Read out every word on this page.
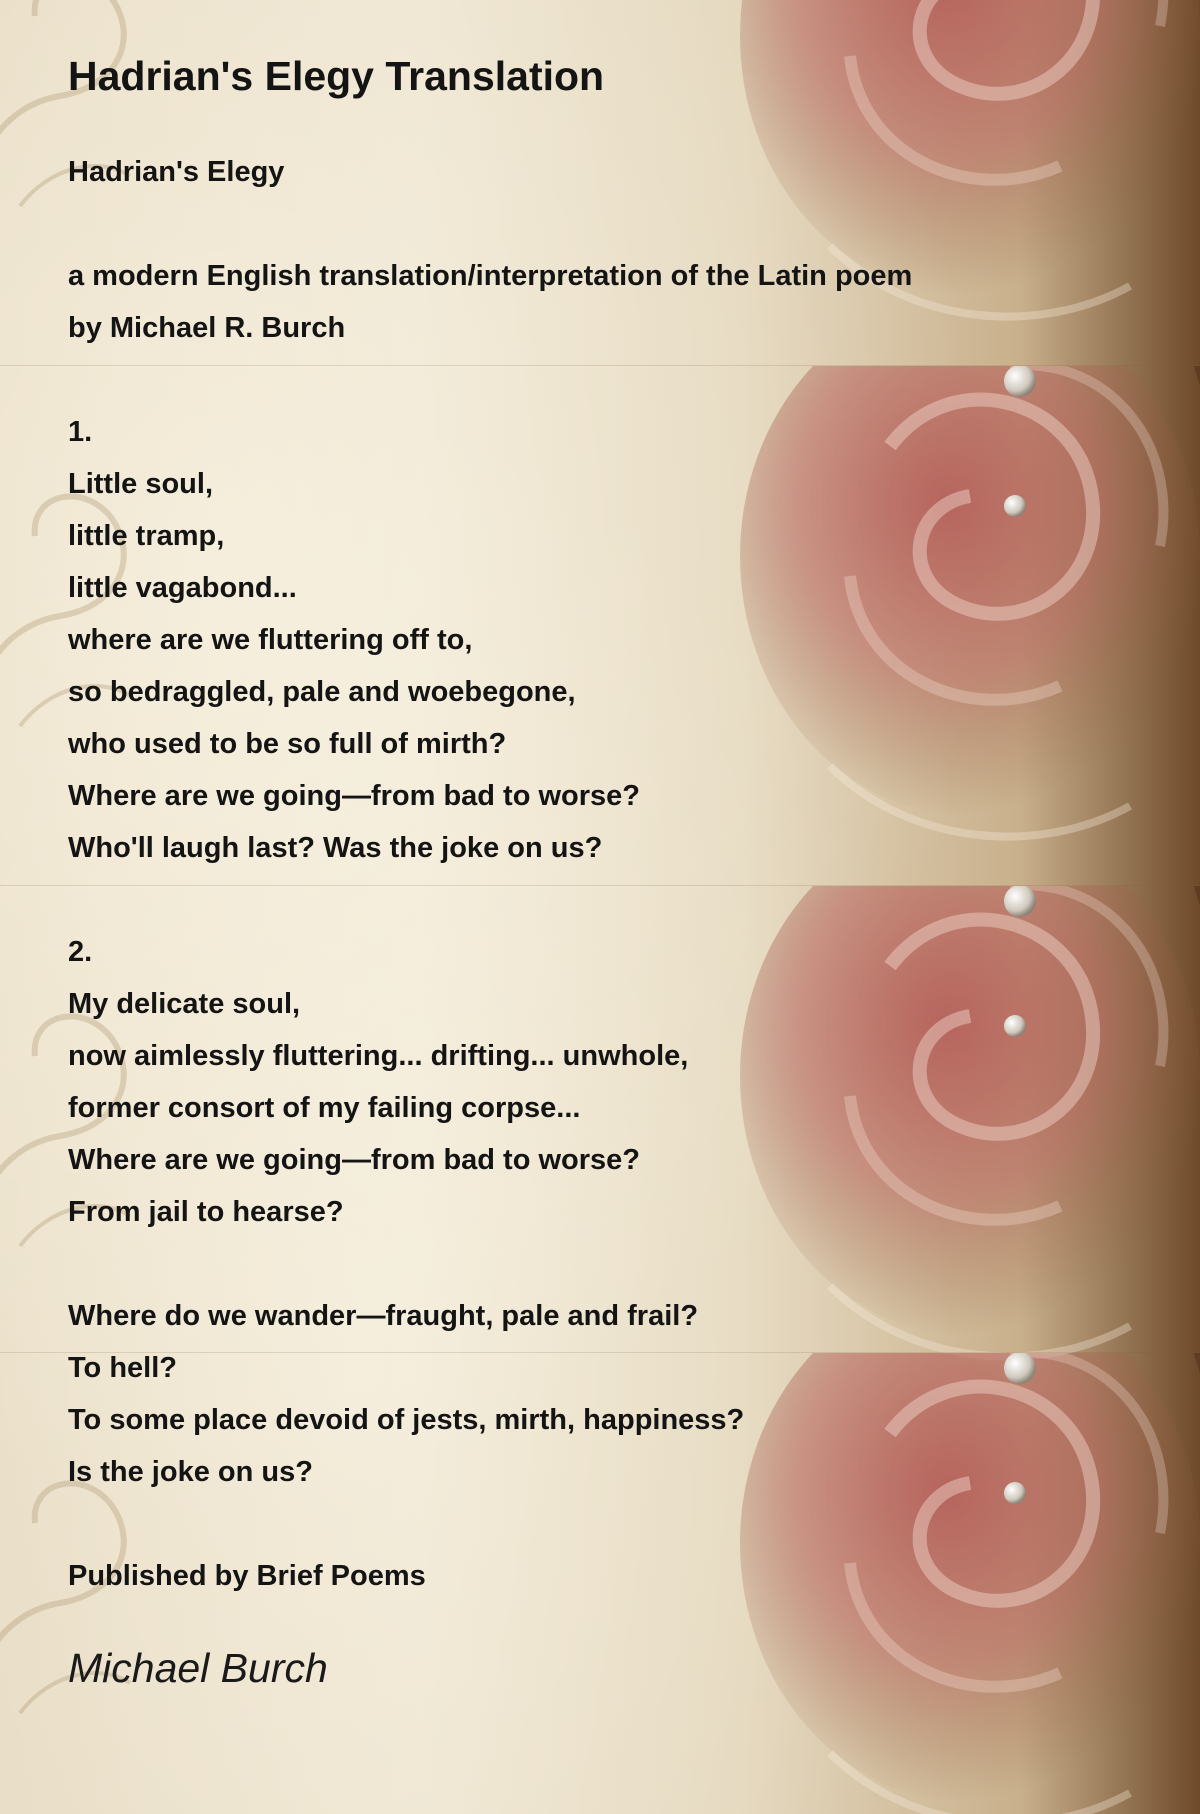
Hadrian's Elegy Translation
Hadrian's Elegy
a modern English translation/interpretation of the Latin poem
by Michael R. Burch
1.
Little soul,
little tramp,
little vagabond...
where are we fluttering off to,
so bedraggled, pale and woebegone,
who used to be so full of mirth?
Where are we going—from bad to worse?
Who'll laugh last? Was the joke on us?
2.
My delicate soul,
now aimlessly fluttering... drifting... unwhole,
former consort of my failing corpse...
Where are we going—from bad to worse?
From jail to hearse?
Where do we wander—fraught, pale and frail?
To hell?
To some place devoid of jests, mirth, happiness?
Is the joke on us?
Published by Brief Poems
Michael Burch
